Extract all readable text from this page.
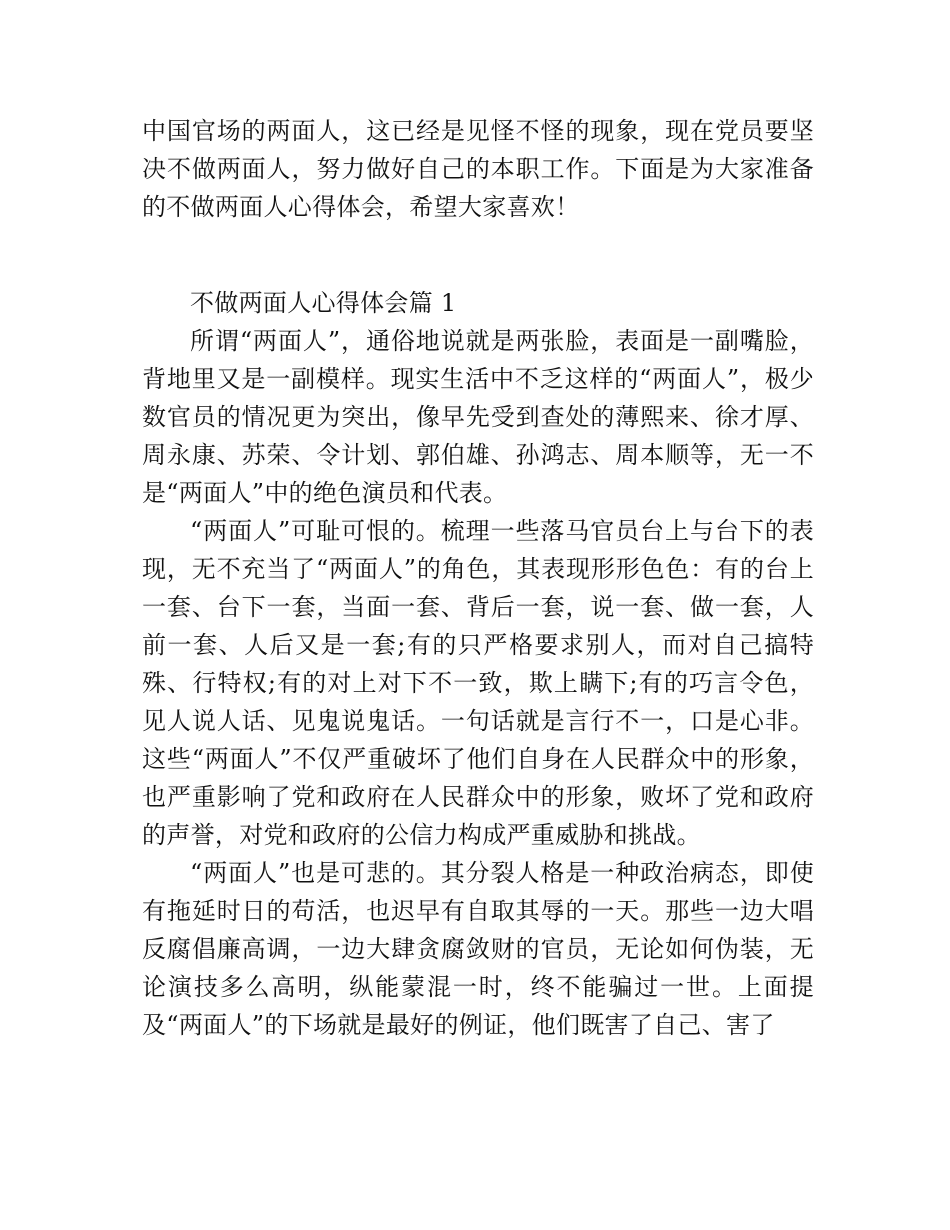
中国官场的两面人，这已经是见怪不怪的现象，现在党员要坚决不做两面人，努力做好自己的本职工作。下面是为大家准备的不做两面人心得体会，希望大家喜欢！

不做两面人心得体会篇 1

所谓“两面人”，通俗地说就是两张脸，表面是一副嘴脸，背地里又是一副模样。现实生活中不乏这样的“两面人”，极少数官员的情况更为突出，像早先受到查处的薄熙来、徐才厚、周永康、苏荣、令计划、郭伯雄、孙鸿志、周本顺等，无一不是“两面人”中的绝色演员和代表。

“两面人”可耻可恨的。梳理一些落马官员台上与台下的表现，无不充当了“两面人”的角色，其表现形形色色：有的台上一套、台下一套，当面一套、背后一套，说一套、做一套，人前一套、人后又是一套;有的只严格要求别人，而对自己搞特殊、行特权;有的对上对下不一致，欺上瞒下;有的巧言令色，见人说人话、见鬼说鬼话。一句话就是言行不一，口是心非。这些“两面人”不仅严重破坏了他们自身在人民群众中的形象，也严重影响了党和政府在人民群众中的形象，败坏了党和政府的声誉，对党和政府的公信力构成严重威胁和挑战。

“两面人”也是可悲的。其分裂人格是一种政治病态，即使有拖延时日的苟活，也迟早有自取其辱的一天。那些一边大唱反腐倡廉高调，一边大肆贪腐敛财的官员，无论如何伪装，无论演技多么高明，纵能蒙混一时，终不能骗过一世。上面提及“两面人”的下场就是最好的例证，他们既害了自己、害了
